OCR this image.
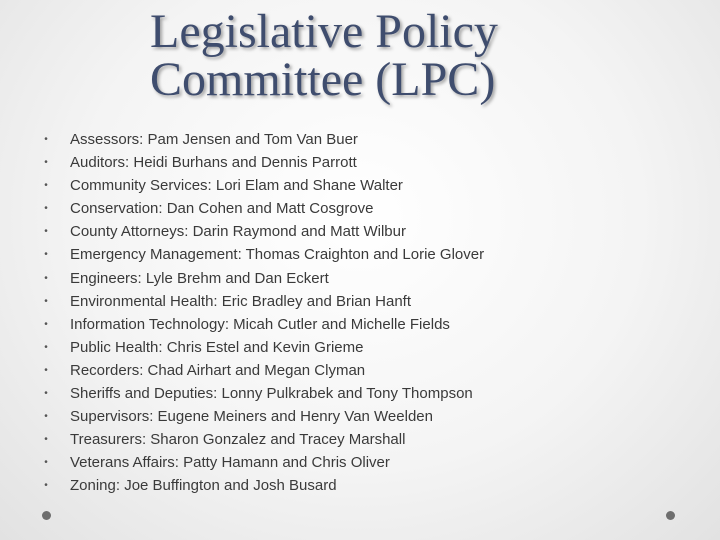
Legislative Policy
Committee (LPC)
• Assessors: Pam Jensen and Tom Van Buer
• Auditors: Heidi Burhans and Dennis Parrott
• Community Services: Lori Elam and Shane Walter
• Conservation: Dan Cohen and Matt Cosgrove
• County Attorneys: Darin Raymond and Matt Wilbur
• Emergency Management: Thomas Craighton and Lorie Glover
• Engineers: Lyle Brehm and Dan Eckert
• Environmental Health: Eric Bradley and Brian Hanft
• Information Technology: Micah Cutler and Michelle Fields
• Public Health: Chris Estel and Kevin Grieme
• Recorders: Chad Airhart and Megan Clyman
• Sheriffs and Deputies: Lonny Pulkrabek and Tony Thompson
• Supervisors: Eugene Meiners and Henry Van Weelden
• Treasurers: Sharon Gonzalez and Tracey Marshall
• Veterans Affairs: Patty Hamann and Chris Oliver
• Zoning: Joe Buffington and Josh Busard
